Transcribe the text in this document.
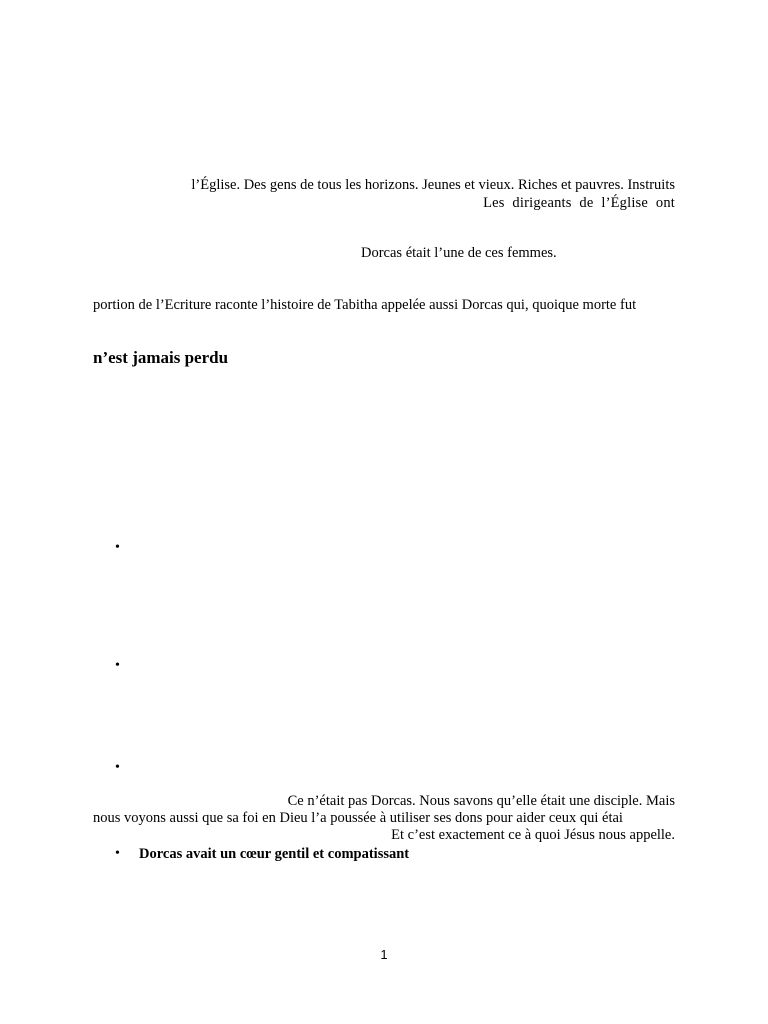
l’Église. Des gens de tous les horizons. Jeunes et vieux. Riches et pauvres. Instruits
Les dirigeants de l’Église ont
Dorcas était l’une de ces femmes.
portion de l’Ecriture raconte l’histoire de Tabitha appelée aussi Dorcas qui, quoique morte fut
n’est jamais perdu
•
•
•
Ce n’était pas Dorcas. Nous savons qu’elle était une disciple. Mais
nous voyons aussi que sa foi en Dieu l’a poussée à utiliser ses dons pour aider ceux qui étai
Et c’est exactement ce à quoi Jésus nous appelle.
• Dorcas avait un cœur gentil et compatissant
1
